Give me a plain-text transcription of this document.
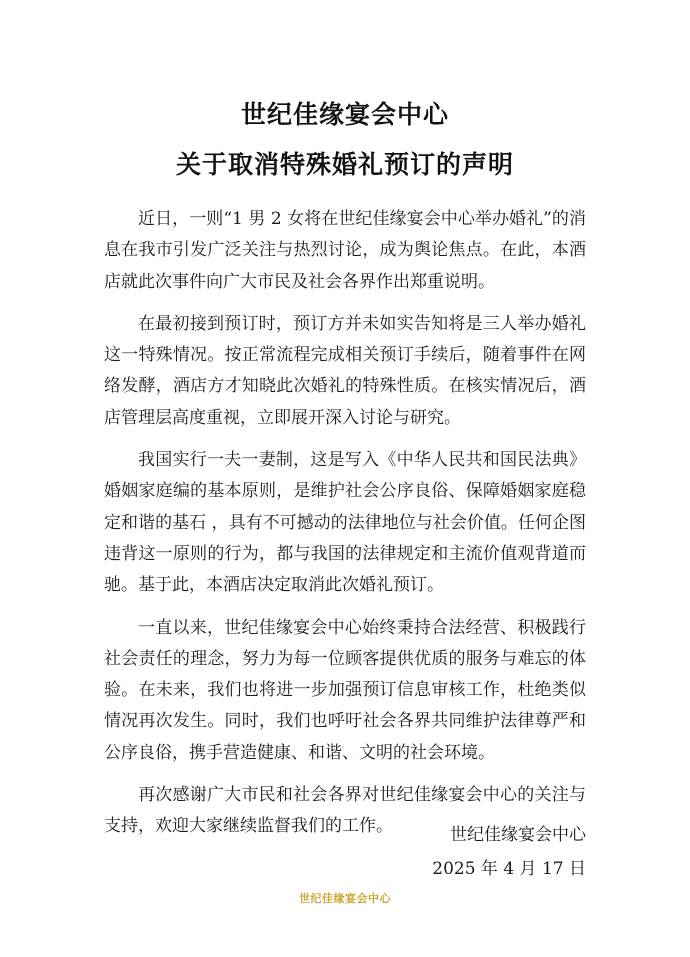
世纪佳缘宴会中心
关于取消特殊婚礼预订的声明

近日，一则“1 男 2 女将在世纪佳缘宴会中心举办婚礼”的消息在我市引发广泛关注与热烈讨论，成为舆论焦点。在此，本酒店就此次事件向广大市民及社会各界作出郑重说明。

在最初接到预订时，预订方并未如实告知将是三人举办婚礼这一特殊情况。按正常流程完成相关预订手续后，随着事件在网络发酵，酒店方才知晓此次婚礼的特殊性质。在核实情况后，酒店管理层高度重视，立即展开深入讨论与研究。

我国实行一夫一妻制，这是写入《中华人民共和国民法典》婚姻家庭编的基本原则，是维护社会公序良俗、保障婚姻家庭稳定和谐的基石 ，具有不可撼动的法律地位与社会价值。任何企图违背这一原则的行为，都与我国的法律规定和主流价值观背道而驰。基于此，本酒店决定取消此次婚礼预订。

一直以来，世纪佳缘宴会中心始终秉持合法经营、积极践行社会责任的理念，努力为每一位顾客提供优质的服务与难忘的体验。在未来，我们也将进一步加强预订信息审核工作，杜绝类似情况再次发生。同时，我们也呼吁社会各界共同维护法律尊严和公序良俗，携手营造健康、和谐、文明的社会环境。

再次感谢广大市民和社会各界对世纪佳缘宴会中心的关注与支持，欢迎大家继续监督我们的工作。	世纪佳缘宴会中心
2025 年 4 月 17 日
世纪佳缘宴会中心
